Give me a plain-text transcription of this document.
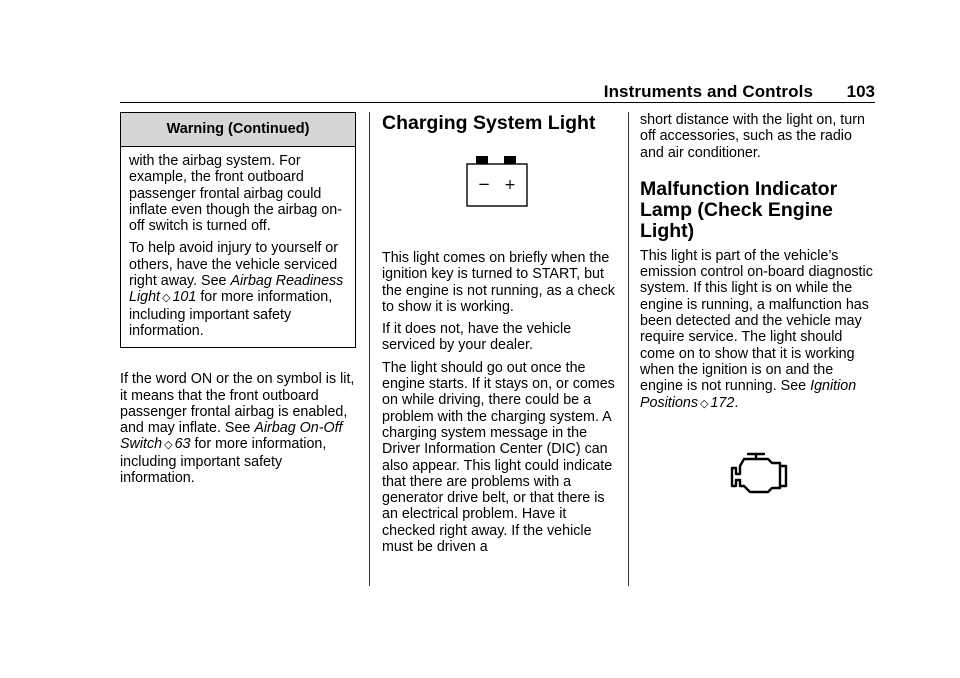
Instruments and Controls 103
Warning (Continued)

with the airbag system. For example, the front outboard passenger frontal airbag could inflate even though the airbag on-off switch is turned off.

To help avoid injury to yourself or others, have the vehicle serviced right away. See Airbag Readiness Light ◇ 101 for more information, including important safety information.

If the word ON or the on symbol is lit, it means that the front outboard passenger frontal airbag is enabled, and may inflate. See Airbag On-Off Switch ◇ 63 for more information, including important safety information.

Charging System Light
− +

This light comes on briefly when the ignition key is turned to START, but the engine is not running, as a check to show it is working.

If it does not, have the vehicle serviced by your dealer.

The light should go out once the engine starts. If it stays on, or comes on while driving, there could be a problem with the charging system. A charging system message in the Driver Information Center (DIC) can also appear. This light could indicate that there are problems with a generator drive belt, or that there is an electrical problem. Have it checked right away. If the vehicle must be driven a

short distance with the light on, turn off accessories, such as the radio and air conditioner.

Malfunction Indicator Lamp (Check Engine Light)

This light is part of the vehicle’s emission control on-board diagnostic system. If this light is on while the engine is running, a malfunction has been detected and the vehicle may require service. The light should come on to show that it is working when the ignition is on and the engine is not running. See Ignition Positions ◇ 172.
